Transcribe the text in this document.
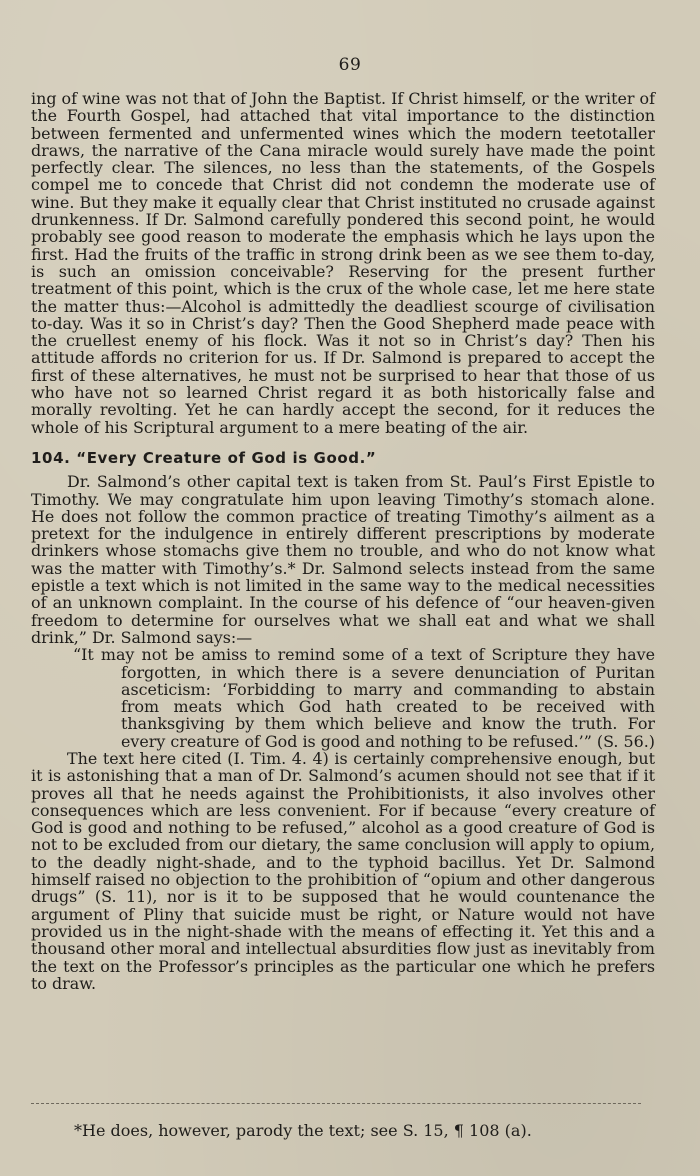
69

ing of wine was not that of John the Baptist. If Christ himself, or the writer of the Fourth Gospel, had attached that vital importance to the distinction between fermented and unfermented wines which the modern teetotaller draws, the narrative of the Cana miracle would surely have made the point perfectly clear. The silences, no less than the statements, of the Gospels compel me to concede that Christ did not condemn the moderate use of wine. But they make it equally clear that Christ instituted no crusade against drunkenness. If Dr. Salmond carefully pondered this second point, he would probably see good reason to moderate the emphasis which he lays upon the first. Had the fruits of the traffic in strong drink been as we see them to-day, is such an omission conceivable? Reserving for the present further treatment of this point, which is the crux of the whole case, let me here state the matter thus:—Alcohol is admittedly the deadliest scourge of civilisation to-day. Was it so in Christ’s day? Then the Good Shepherd made peace with the cruellest enemy of his flock. Was it not so in Christ’s day? Then his attitude affords no criterion for us. If Dr. Salmond is prepared to accept the first of these alternatives, he must not be surprised to hear that those of us who have not so learned Christ regard it as both historically false and morally revolting. Yet he can hardly accept the second, for it reduces the whole of his Scriptural argument to a mere beating of the air.

104. “Every Creature of God is Good.”

Dr. Salmond’s other capital text is taken from St. Paul’s First Epistle to Timothy. We may congratulate him upon leaving Timothy’s stomach alone. He does not follow the common practice of treating Timothy’s ailment as a pretext for the indulgence in entirely different prescriptions by moderate drinkers whose stomachs give them no trouble, and who do not know what was the matter with Timothy’s.* Dr. Salmond selects instead from the same epistle a text which is not limited in the same way to the medical necessities of an unknown complaint. In the course of his defence of “our heaven-given freedom to determine for ourselves what we shall eat and what we shall drink,” Dr. Salmond says:—

“It may not be amiss to remind some of a text of Scripture they have forgotten, in which there is a severe denunciation of Puritan asceticism: ‘Forbidding to marry and commanding to abstain from meats which God hath created to be received with thanksgiving by them which believe and know the truth. For every creature of God is good and nothing to be refused.’” (S. 56.)

The text here cited (I. Tim. 4. 4) is certainly comprehensive enough, but it is astonishing that a man of Dr. Salmond’s acumen should not see that if it proves all that he needs against the Prohibitionists, it also involves other consequences which are less convenient. For if because “every creature of God is good and nothing to be refused,” alcohol as a good creature of God is not to be excluded from our dietary, the same conclusion will apply to opium, to the deadly night-shade, and to the typhoid bacillus. Yet Dr. Salmond himself raised no objection to the prohibition of “opium and other dangerous drugs” (S. 11), nor is it to be supposed that he would countenance the argument of Pliny that suicide must be right, or Nature would not have provided us in the night-shade with the means of effecting it. Yet this and a thousand other moral and intellectual absurdities flow just as inevitably from the text on the Professor’s principles as the particular one which he prefers to draw.

*He does, however, parody the text; see S. 15, ¶ 108 (a).
